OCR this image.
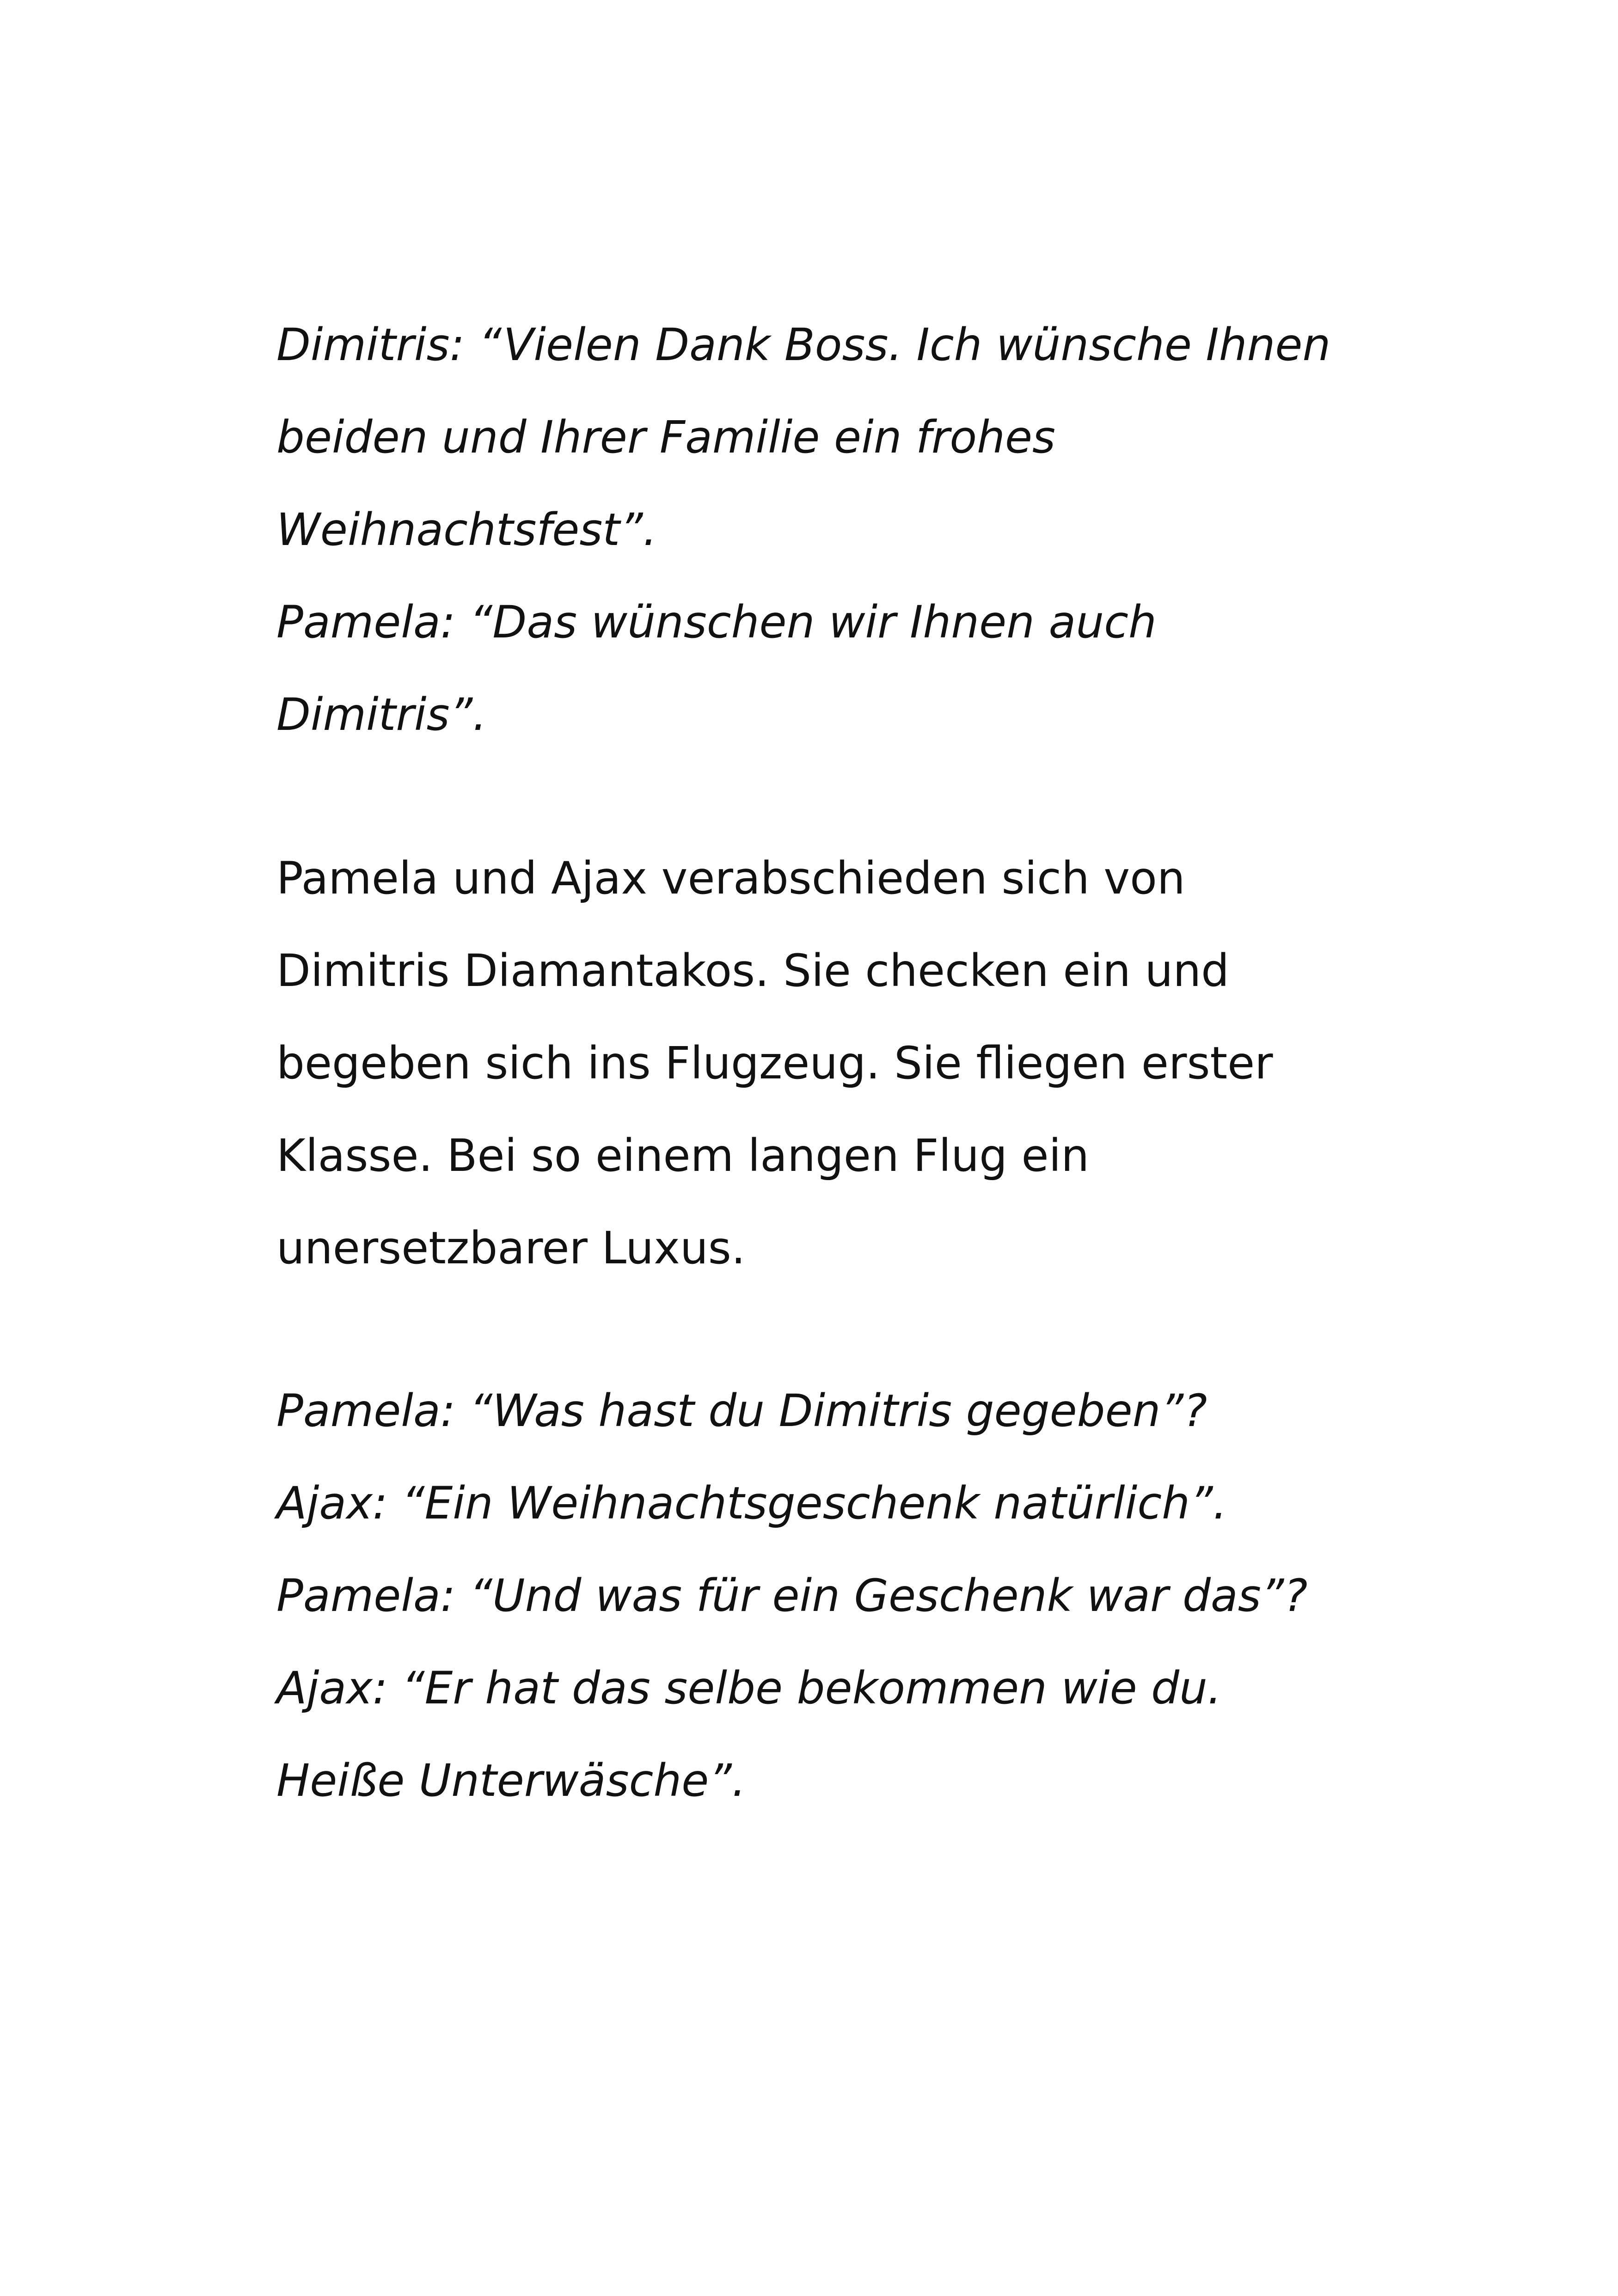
Dimitris: “Vielen Dank Boss. Ich wünsche Ihnen
beiden und Ihrer Familie ein frohes
Weihnachtsfest”.
Pamela: “Das wünschen wir Ihnen auch
Dimitris”.
Pamela und Ajax verabschieden sich von
Dimitris Diamantakos. Sie checken ein und
begeben sich ins Flugzeug. Sie fliegen erster
Klasse. Bei so einem langen Flug ein
unersetzbarer Luxus.
Pamela: “Was hast du Dimitris gegeben”?
Ajax: “Ein Weihnachtsgeschenk natürlich”.
Pamela: “Und was für ein Geschenk war das”?
Ajax: “Er hat das selbe bekommen wie du.
Heiße Unterwäsche”.
